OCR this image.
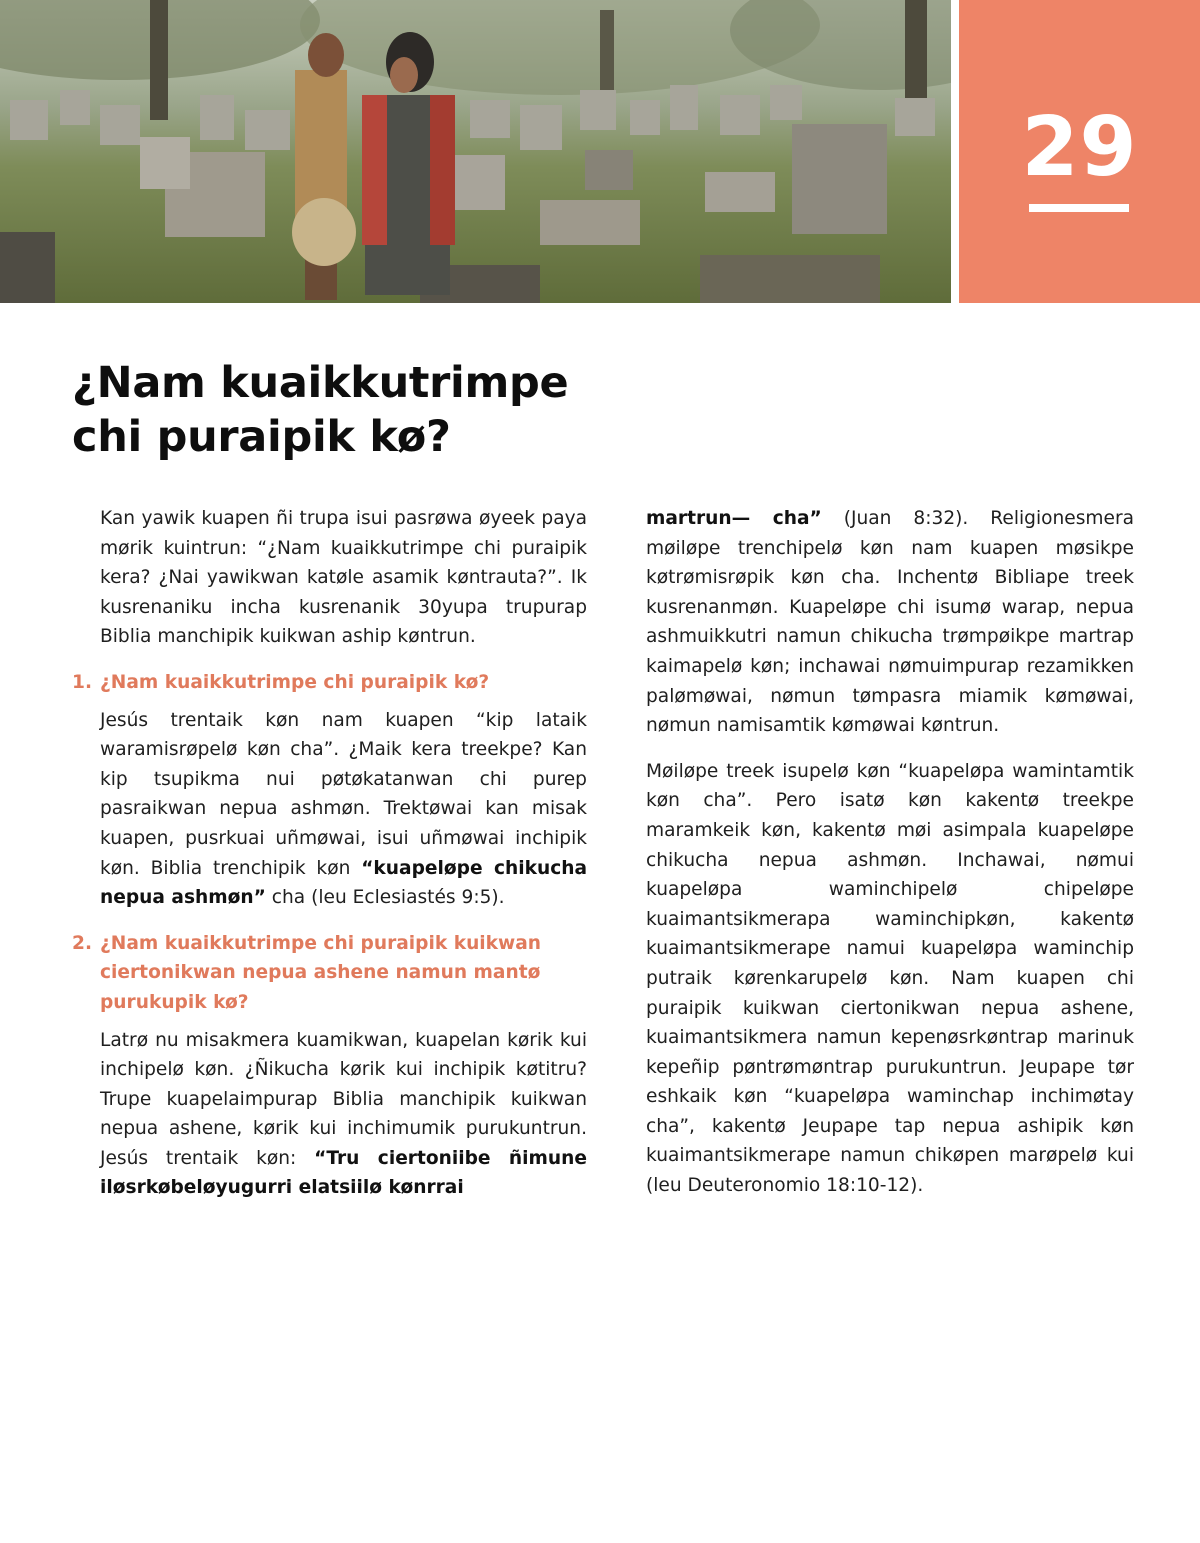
29
¿Nam kuaikkutrimpe
chi puraipik kø?

Kan yawik kuapen ñi trupa isui pasrøwa øyeek paya mørik kuintrun: “¿Nam kuaikkutrimpe chi puraipik kera? ¿Nai yawikwan katøle asamik køntrauta?”. Ik kusrenaniku incha kusrenanik 30yupa trupurap Biblia manchipik kuikwan aship køntrun.

1. ¿Nam kuaikkutrimpe chi puraipik kø?

Jesús trentaik køn nam kuapen “kip lataik waramisrøpelø køn cha”. ¿Maik kera treekpe? Kan kip tsupikma nui pøtøkatanwan chi purep pasraikwan nepua ashmøn. Trektøwai kan misak kuapen, pusrkuai uñmøwai, isui uñmøwai inchipik køn. Biblia trenchipik køn “kuapeløpe chikucha nepua ashmøn” cha (leu Eclesiastés 9:5).

2. ¿Nam kuaikkutrimpe chi puraipik kuikwan ciertonikwan nepua ashene namun mantø purukupik kø?

Latrø nu misakmera kuamikwan, kuapelan kørik kui inchipelø køn. ¿Ñikucha kørik kui inchipik køtitru? Trupe kuapelaimpurap Biblia manchipik kuikwan nepua ashene, kørik kui inchimumik purukuntrun. Jesús trentaik køn: “Tru ciertoniibe ñimune iløsrkøbeløyugurri elatsiilø kønrrai

martrun— cha” (Juan 8:32). Religionesmera møiløpe trenchipelø køn nam kuapen møsikpe køtrømisrøpik køn cha. Inchentø Bibliape treek kusrenanmøn. Kuapeløpe chi isumø warap, nepua ashmuikkutri namun chikucha trømpøikpe martrap kaimapelø køn; inchawai nømuimpurap rezamikken palømøwai, nømun tømpasra miamik kømøwai, nømun namisamtik kømøwai køntrun.

Møiløpe treek isupelø køn “kuapeløpa wamintamtik køn cha”. Pero isatø køn kakentø treekpe maramkeik køn, kakentø møi asimpala kuapeløpe chikucha nepua ashmøn. Inchawai, nømui kuapeløpa waminchipelø chipeløpe kuaimantsikmerapa waminchipkøn, kakentø kuaimantsikmerape namui kuapeløpa waminchip putraik kørenkarupelø køn. Nam kuapen chi puraipik kuikwan ciertonikwan nepua ashene, kuaimantsikmera namun kepenøsrkøntrap marinuk kepeñip pøntrømøntrap purukuntrun. Jeupape tør eshkaik køn “kuapeløpa waminchap inchimøtay cha”, kakentø Jeupape tap nepua ashipik køn kuaimantsikmerape namun chikøpen marøpelø kui (leu Deuteronomio 18:10-12).
